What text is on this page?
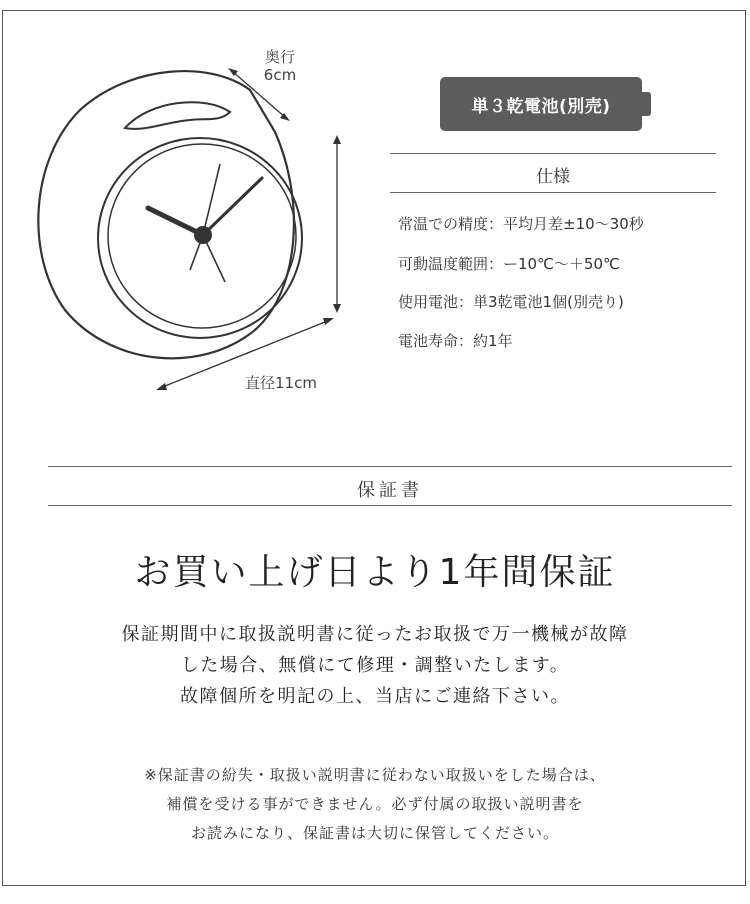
奥行
6cm
直径11cm
単３乾電池(別売)
仕様
常温での精度：平均月差±10～30秒
可動温度範囲：ー10℃～＋50℃
使用電池：単3乾電池1個(別売り)
電池寿命：約1年
保証書
お買い上げ日より1年間保証
保証期間中に取扱説明書に従ったお取扱で万一機械が故障
した場合、無償にて修理・調整いたします。
故障個所を明記の上、当店にご連絡下さい。
※保証書の紛失・取扱い説明書に従わない取扱いをした場合は、
補償を受ける事ができません。必ず付属の取扱い説明書を
お読みになり、保証書は大切に保管してください。
